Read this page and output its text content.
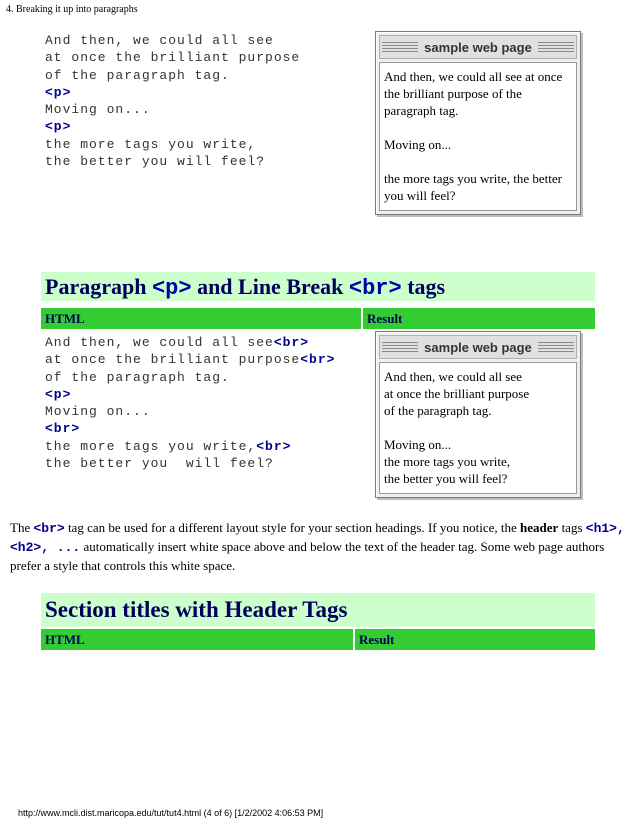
4. Breaking it up into paragraphs
And then, we could all see
at once the brilliant purpose
of the paragraph tag.
<p>
Moving on...
<p>
the more tags you write,
the better you will feel?
sample web page
And then, we could all see at once the brilliant purpose of the paragraph tag.
Moving on...
the more tags you write, the better you will feel?
Paragraph <p> and Line Break <br> tags
HTML	Result
And then, we could all see<br>
at once the brilliant purpose<br>
of the paragraph tag.
<p>
Moving on...
<br>
the more tags you write,<br>
the better you  will feel?
sample web page
And then, we could all see
at once the brilliant purpose
of the paragraph tag.
Moving on...
the more tags you write,
the better you will feel?
The <br> tag can be used for a different layout style for your section headings. If you notice, the header tags <h1>, <h2>, ... automatically insert white space above and below the text of the header tag. Some web page authors prefer a style that controls this white space.
Section titles with Header Tags
HTML	Result
http://www.mcli.dist.maricopa.edu/tut/tut4.html (4 of 6) [1/2/2002 4:06:53 PM]
